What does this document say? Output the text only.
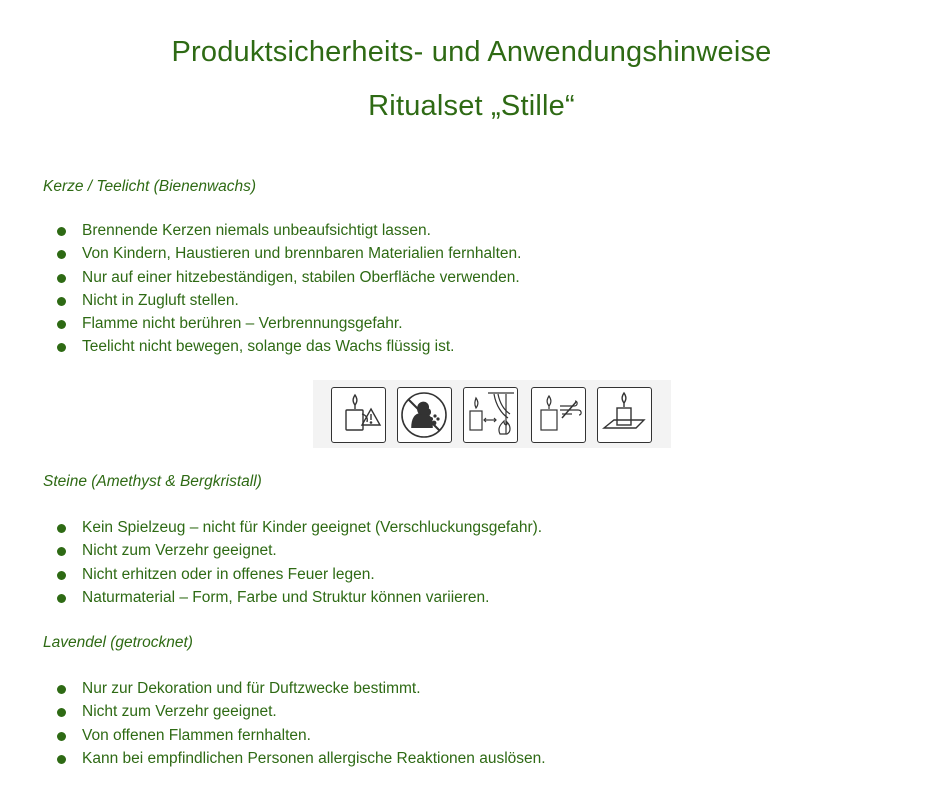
Produktsicherheits- und Anwendungshinweise
Ritualset „Stille“
Kerze / Teelicht (Bienenwachs)
Brennende Kerzen niemals unbeaufsichtigt lassen.
Von Kindern, Haustieren und brennbaren Materialien fernhalten.
Nur auf einer hitzebeständigen, stabilen Oberfläche verwenden.
Nicht in Zugluft stellen.
Flamme nicht berühren – Verbrennungsgefahr.
Teelicht nicht bewegen, solange das Wachs flüssig ist.
Steine (Amethyst & Bergkristall)
Kein Spielzeug – nicht für Kinder geeignet (Verschluckungsgefahr).
Nicht zum Verzehr geeignet.
Nicht erhitzen oder in offenes Feuer legen.
Naturmaterial – Form, Farbe und Struktur können variieren.
Lavendel (getrocknet)
Nur zur Dekoration und für Duftzwecke bestimmt.
Nicht zum Verzehr geeignet.
Von offenen Flammen fernhalten.
Kann bei empfindlichen Personen allergische Reaktionen auslösen.
